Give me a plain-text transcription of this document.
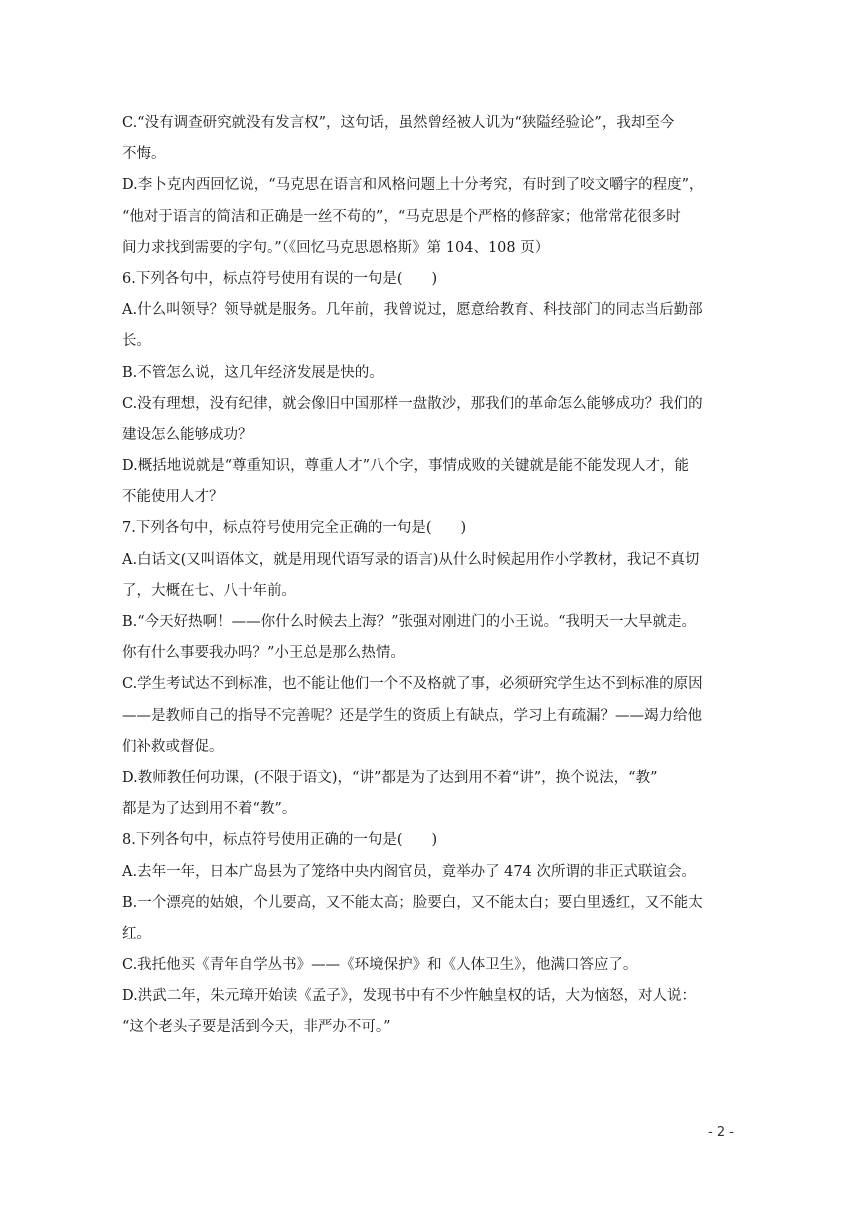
C.“没有调查研究就没有发言权”，这句话，虽然曾经被人讥为“狭隘经验论”，我却至今
不悔。
D.李卜克内西回忆说，“马克思在语言和风格问题上十分考究，有时到了咬文嚼字的程度”，
“他对于语言的简洁和正确是一丝不苟的”，“马克思是个严格的修辞家；他常常花很多时
间力求找到需要的字句。”（《回忆马克思恩格斯》第 104、108 页）
6.下列各句中，标点符号使用有误的一句是(　　)
A.什么叫领导？领导就是服务。几年前，我曾说过，愿意给教育、科技部门的同志当后勤部
长。
B.不管怎么说，这几年经济发展是快的。
C.没有理想，没有纪律，就会像旧中国那样一盘散沙，那我们的革命怎么能够成功？我们的
建设怎么能够成功？
D.概括地说就是“尊重知识，尊重人才”八个字，事情成败的关键就是能不能发现人才，能
不能使用人才？
7.下列各句中，标点符号使用完全正确的一句是(　　)
A.白话文(又叫语体文，就是用现代语写录的语言)从什么时候起用作小学教材，我记不真切
了，大概在七、八十年前。
B.“今天好热啊！——你什么时候去上海？”张强对刚进门的小王说。“我明天一大早就走。
你有什么事要我办吗？”小王总是那么热情。
C.学生考试达不到标准，也不能让他们一个不及格就了事，必须研究学生达不到标准的原因
——是教师自己的指导不完善呢？还是学生的资质上有缺点，学习上有疏漏？——竭力给他
们补救或督促。
D.教师教任何功课，(不限于语文)，“讲”都是为了达到用不着“讲”，换个说法，“教”
都是为了达到用不着“教”。
8.下列各句中，标点符号使用正确的一句是(　　)
A.去年一年，日本广岛县为了笼络中央内阁官员，竟举办了 474 次所谓的非正式联谊会。
B.一个漂亮的姑娘，个儿要高，又不能太高；脸要白，又不能太白；要白里透红，又不能太
红。
C.我托他买《青年自学丛书》——《环境保护》和《人体卫生》，他满口答应了。
D.洪武二年，朱元璋开始读《孟子》，发现书中有不少忤触皇权的话，大为恼怒，对人说：
“这个老头子要是活到今天，非严办不可。”
- 2 -
